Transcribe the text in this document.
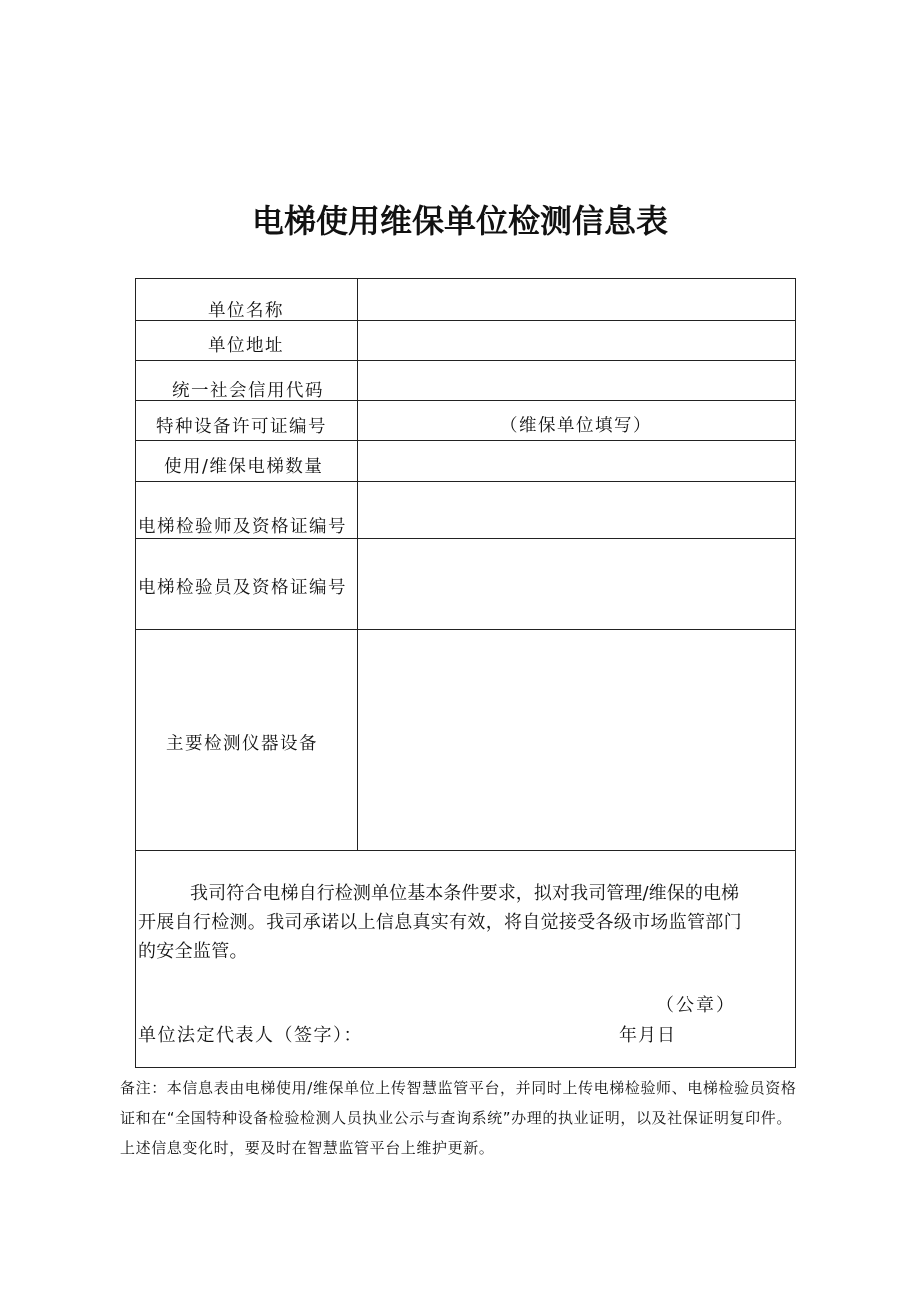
电梯使用维保单位检测信息表
单位名称
单位地址
统一社会信用代码
特种设备许可证编号	（维保单位填写）
使用/维保电梯数量
电梯检验师及资格证编号
电梯检验员及资格证编号
主要检测仪器设备

我司符合电梯自行检测单位基本条件要求，拟对我司管理/维保的电梯

开展自行检测。我司承诺以上信息真实有效，将自觉接受各级市场监管部门

的安全监管。

（公章）

单位法定代表人（签字）：	年月日

备注：本信息表由电梯使用/维保单位上传智慧监管平台，并同时上传电梯检验师、电梯检验员资格证和在“全国特种设备检验检测人员执业公示与查询系统”办理的执业证明，以及社保证明复印件。上述信息变化时，要及时在智慧监管平台上维护更新。
